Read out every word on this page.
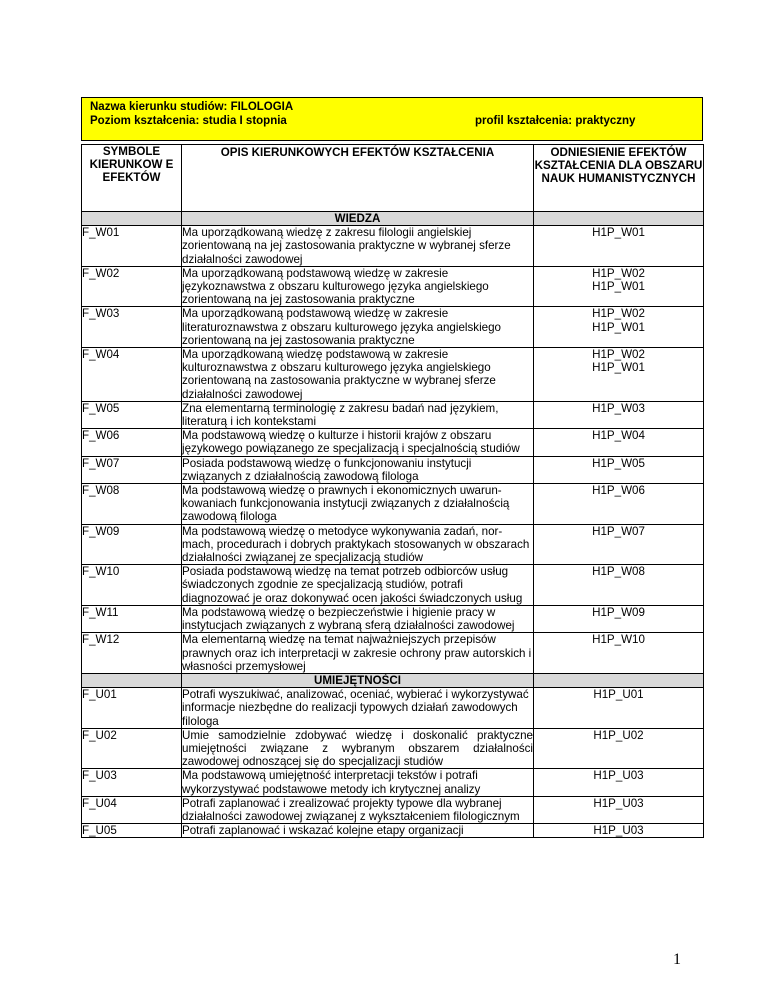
Nazwa kierunku studiów: FILOLOGIA
Poziom kształcenia: studia I stopnia	profil kształcenia: praktyczny
SYMBOLE KIERUNKOW E EFEKTÓW	OPIS KIERUNKOWYCH EFEKTÓW KSZTAŁCENIA	ODNIESIENIE EFEKTÓW KSZTAŁCENIA DLA OBSZARU NAUK HUMANISTYCZNYCH
	WIEDZA	
F_W01	Ma uporządkowaną wiedzę z zakresu filologii angielskiej zorientowaną na jej zastosowania praktyczne w wybranej sferze działalności zawodowej	H1P_W01
F_W02	Ma uporządkowaną podstawową wiedzę w zakresie językoznawstwa z obszaru kulturowego języka angielskiego zorientowaną na jej zastosowania praktyczne	H1P_W02
H1P_W01
F_W03	Ma uporządkowaną podstawową wiedzę w zakresie literaturoznawstwa z obszaru kulturowego języka angielskiego zorientowaną na jej zastosowania praktyczne	H1P_W02
H1P_W01
F_W04	Ma uporządkowaną wiedzę podstawową w zakresie kulturoznawstwa z obszaru kulturowego języka angielskiego zorientowaną na zastosowania praktyczne w wybranej sferze działalności zawodowej	H1P_W02
H1P_W01
F_W05	Zna elementarną terminologię z zakresu badań nad językiem, literaturą i ich kontekstami	H1P_W03
F_W06	Ma podstawową wiedzę o kulturze i historii krajów z obszaru językowego powiązanego ze specjalizacją i specjalnością studiów	H1P_W04
F_W07	Posiada podstawową wiedzę o funkcjonowaniu instytucji związanych z działalnością zawodową filologa	H1P_W05
F_W08	Ma podstawową wiedzę o prawnych i ekonomicznych uwarun-kowaniach funkcjonowania instytucji związanych z działalnością zawodową filologa	H1P_W06
F_W09	Ma podstawową wiedzę o metodyce wykonywania zadań, nor-mach, procedurach i dobrych praktykach stosowanych w obszarach działalności związanej ze specjalizacją studiów	H1P_W07
F_W10	Posiada podstawową wiedzę na temat potrzeb odbiorców usług świadczonych zgodnie ze specjalizacją studiów, potrafi diagnozować je oraz dokonywać ocen jakości świadczonych usług	H1P_W08
F_W11	Ma podstawową wiedzę o bezpieczeństwie i higienie pracy w instytucjach związanych z wybraną sferą działalności zawodowej	H1P_W09
F_W12	Ma elementarną wiedzę na temat najważniejszych przepisów prawnych oraz ich interpretacji w zakresie ochrony praw autorskich i własności przemysłowej	H1P_W10
	UMIEJĘTNOŚCI	
F_U01	Potrafi wyszukiwać, analizować, oceniać, wybierać i wykorzystywać informacje niezbędne do realizacji typowych działań zawodowych filologa	H1P_U01
F_U02	Umie samodzielnie zdobywać wiedzę i doskonalić praktyczne umiejętności związane z wybranym obszarem działalności zawodowej odnoszącej się do specjalizacji studiów	H1P_U02
F_U03	Ma podstawową umiejętność interpretacji tekstów i potrafi wykorzystywać podstawowe metody ich krytycznej analizy	H1P_U03
F_U04	Potrafi zaplanować i zrealizować projekty typowe dla wybranej działalności zawodowej związanej z wykształceniem filologicznym	H1P_U03
F_U05	Potrafi zaplanować i wskazać kolejne etapy organizacji	H1P_U03
1
